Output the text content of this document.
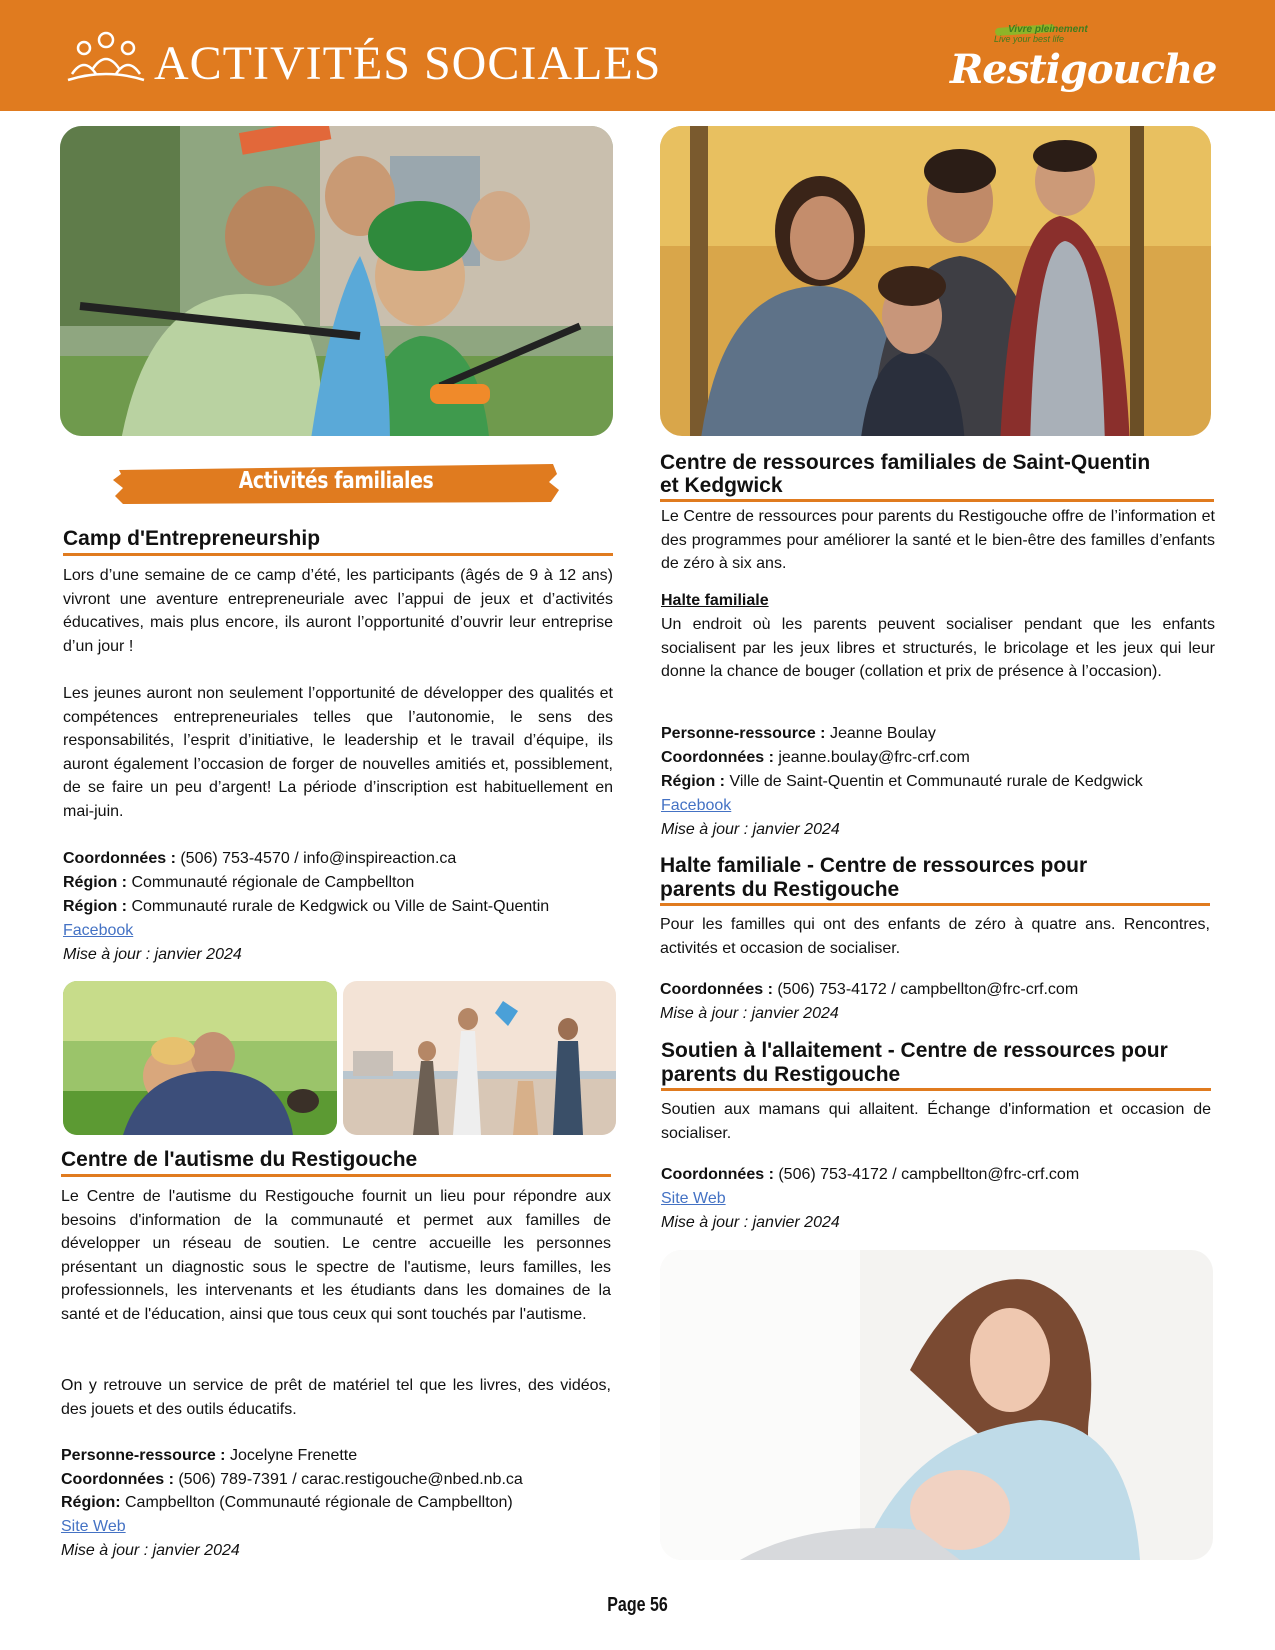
ACTIVITÉS SOCIALES
Vivre pleinement
Live your best life
Restigouche
Activités familiales
Camp d'Entrepreneurship
Lors d’une semaine de ce camp d’été, les participants (âgés de 9 à 12 ans) vivront une aventure entrepreneuriale avec l’appui de jeux et d’activités éducatives, mais plus encore, ils auront l’opportunité d’ouvrir leur entreprise d’un jour !
Les jeunes auront non seulement l’opportunité de développer des qualités et compétences entrepreneuriales telles que l’autonomie, le sens des responsabilités, l’esprit d’initiative, le leadership et le travail d’équipe, ils auront également l’occasion de forger de nouvelles amitiés et, possiblement, de se faire un peu d’argent! La période d’inscription est habituellement en mai-juin.
Coordonnées : (506) 753-4570 / info@inspireaction.ca
Région : Communauté régionale de Campbellton
Région : Communauté rurale de Kedgwick ou Ville de Saint-Quentin
Facebook
Mise à jour : janvier 2024
Centre de l'autisme du Restigouche
Le Centre de l'autisme du Restigouche fournit un lieu pour répondre aux besoins d'information de la communauté et permet aux familles de développer un réseau de soutien. Le centre accueille les personnes présentant un diagnostic sous le spectre de l'autisme, leurs familles, les professionnels, les intervenants et les étudiants dans les domaines de la santé et de l'éducation, ainsi que tous ceux qui sont touchés par l'autisme.
On y retrouve un service de prêt de matériel tel que les livres, des vidéos, des jouets et des outils éducatifs.
Personne-ressource : Jocelyne Frenette
Coordonnées : (506) 789-7391 / carac.restigouche@nbed.nb.ca
Région: Campbellton (Communauté régionale de Campbellton)
Site Web
Mise à jour : janvier 2024
Centre de ressources familiales de Saint-Quentin
et Kedgwick
Le Centre de ressources pour parents du Restigouche offre de l’information et des programmes pour améliorer la santé et le bien-être des familles d’enfants de zéro à six ans.
Halte familiale
Un endroit où les parents peuvent socialiser pendant que les enfants socialisent par les jeux libres et structurés, le bricolage et les jeux qui leur donne la chance de bouger (collation et prix de présence à l’occasion).
Personne-ressource : Jeanne Boulay
Coordonnées : jeanne.boulay@frc-crf.com
Région : Ville de Saint-Quentin et Communauté rurale de Kedgwick
Facebook
Mise à jour : janvier 2024
Halte familiale - Centre de ressources pour
parents du Restigouche
Pour les familles qui ont des enfants de zéro à quatre ans. Rencontres, activités et occasion de socialiser.
Coordonnées : (506) 753-4172 / campbellton@frc-crf.com
Mise à jour : janvier 2024
Soutien à l'allaitement - Centre de ressources pour
parents du Restigouche
Soutien aux mamans qui allaitent. Échange d'information et occasion de socialiser.
Coordonnées : (506) 753-4172 / campbellton@frc-crf.com
Site Web
Mise à jour : janvier 2024
Page 56
